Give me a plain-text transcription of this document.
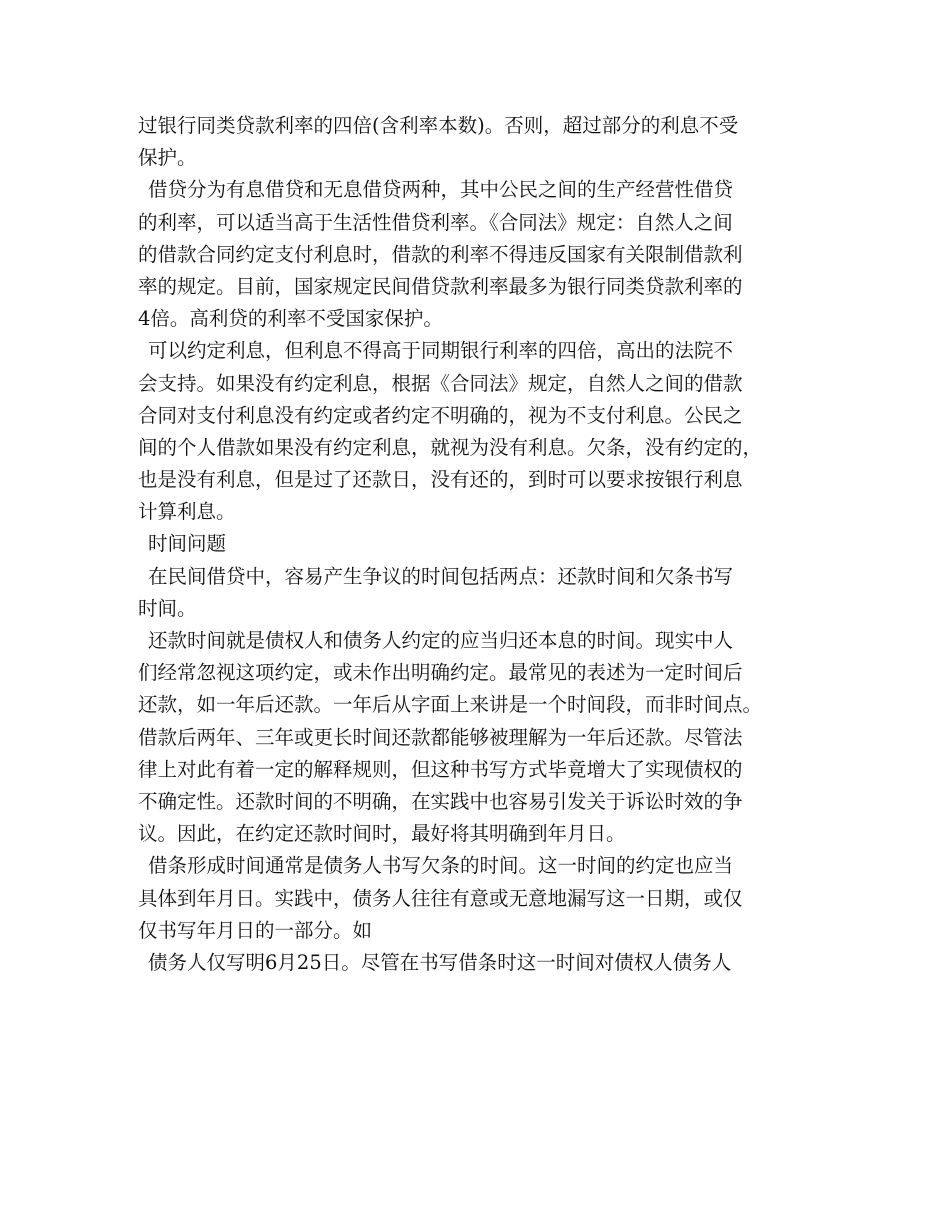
过银行同类贷款利率的四倍(含利率本数)。否则，超过部分的利息不受
保护。
借贷分为有息借贷和无息借贷两种，其中公民之间的生产经营性借贷
的利率，可以适当高于生活性借贷利率。《合同法》规定：自然人之间
的借款合同约定支付利息时，借款的利率不得违反国家有关限制借款利
率的规定。目前，国家规定民间借贷款利率最多为银行同类贷款利率的
4倍。高利贷的利率不受国家保护。
可以约定利息，但利息不得高于同期银行利率的四倍，高出的法院不
会支持。如果没有约定利息，根据《合同法》规定，自然人之间的借款
合同对支付利息没有约定或者约定不明确的，视为不支付利息。公民之
间的个人借款如果没有约定利息，就视为没有利息。欠条，没有约定的，
也是没有利息，但是过了还款日，没有还的，到时可以要求按银行利息
计算利息。
时间问题
在民间借贷中，容易产生争议的时间包括两点：还款时间和欠条书写
时间。
还款时间就是债权人和债务人约定的应当归还本息的时间。现实中人
们经常忽视这项约定，或未作出明确约定。最常见的表述为一定时间后
还款，如一年后还款。一年后从字面上来讲是一个时间段，而非时间点。
借款后两年、三年或更长时间还款都能够被理解为一年后还款。尽管法
律上对此有着一定的解释规则，但这种书写方式毕竟增大了实现债权的
不确定性。还款时间的不明确，在实践中也容易引发关于诉讼时效的争
议。因此，在约定还款时间时，最好将其明确到年月日。
借条形成时间通常是债务人书写欠条的时间。这一时间的约定也应当
具体到年月日。实践中，债务人往往有意或无意地漏写这一日期，或仅
仅书写年月日的一部分。如
债务人仅写明6月25日。尽管在书写借条时这一时间对债权人债务人
